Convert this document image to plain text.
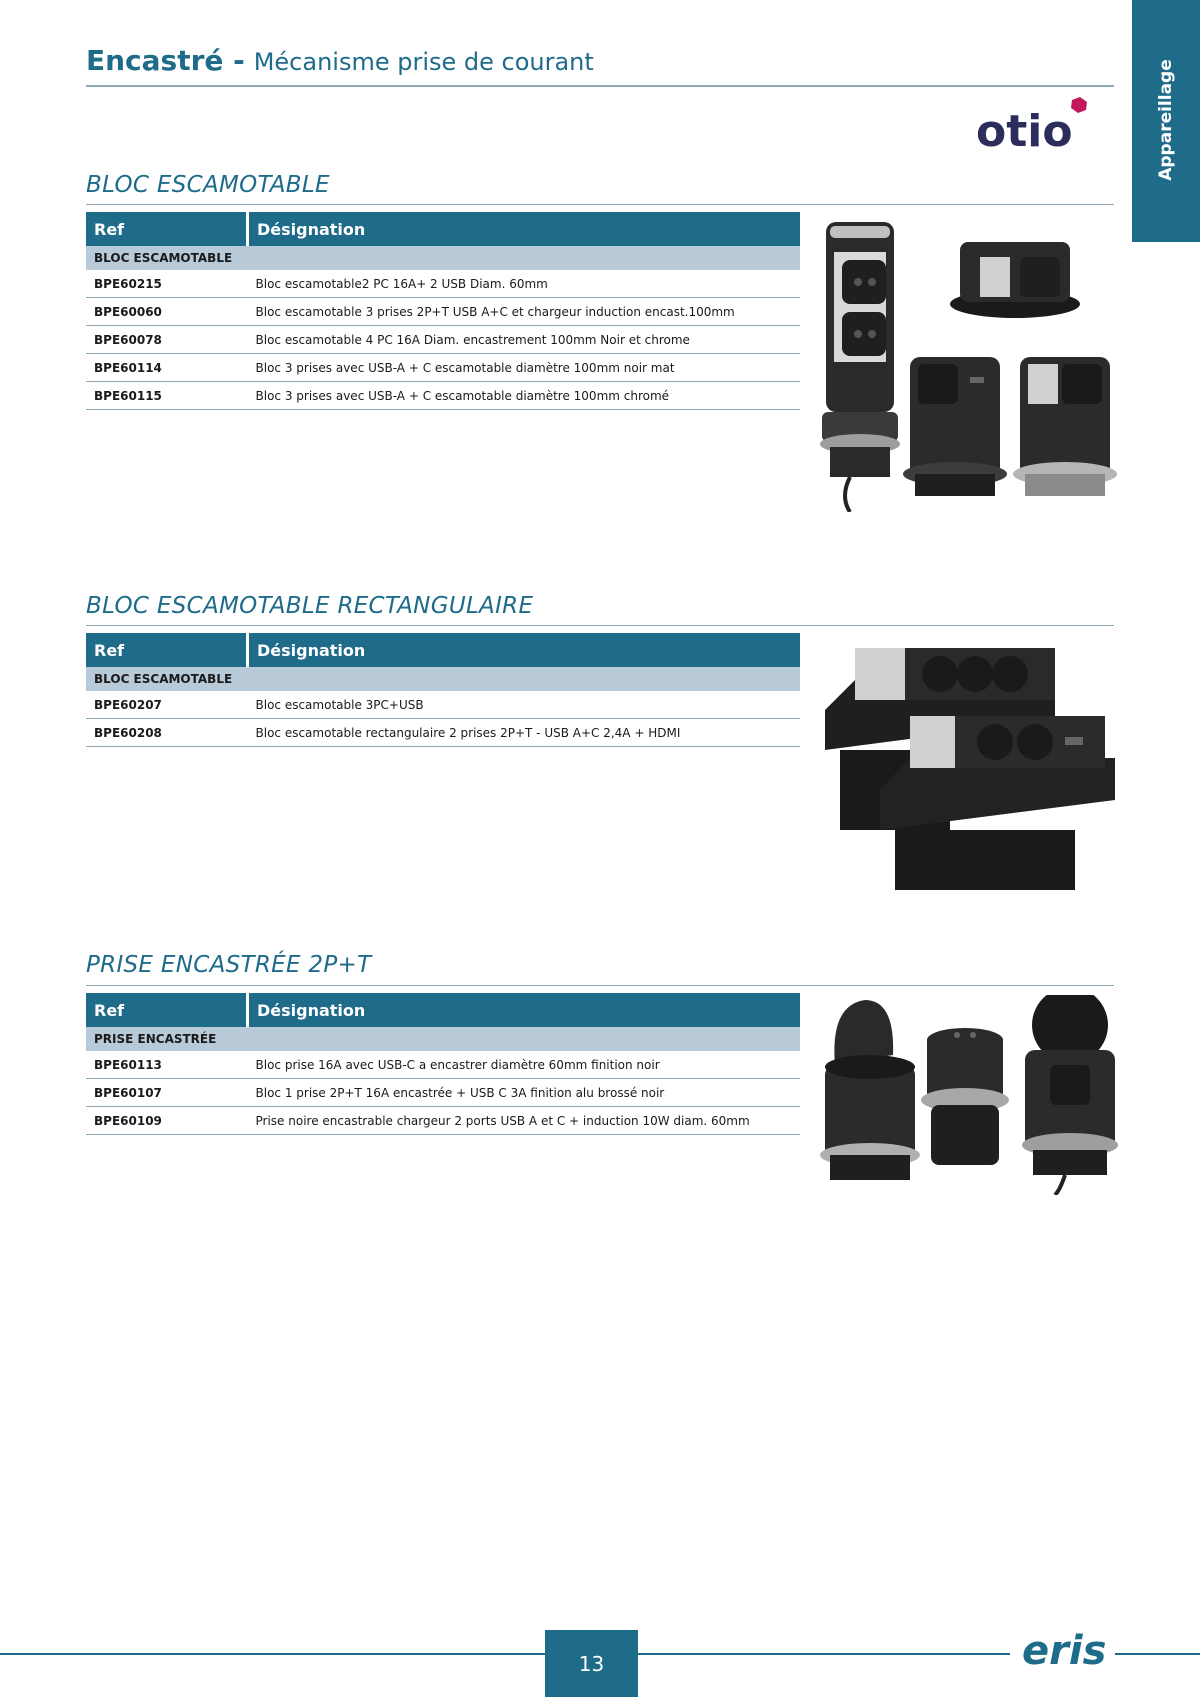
Encastré - Mécanisme prise de courant	Appareillage
otio
BLOC ESCAMOTABLE
Ref	Désignation
BLOC ESCAMOTABLE	
BPE60215	Bloc escamotable2 PC 16A+ 2 USB Diam. 60mm
BPE60060	Bloc escamotable 3 prises 2P+T USB A+C et chargeur induction encast.100mm
BPE60078	Bloc escamotable 4 PC 16A Diam. encastrement 100mm Noir et chrome
BPE60114	Bloc 3 prises avec USB-A + C escamotable diamètre 100mm noir mat
BPE60115	Bloc 3 prises avec USB-A + C escamotable diamètre 100mm chromé
BLOC ESCAMOTABLE RECTANGULAIRE
Ref	Désignation
BLOC ESCAMOTABLE	
BPE60207	Bloc escamotable 3PC+USB
BPE60208	Bloc escamotable rectangulaire 2 prises 2P+T - USB A+C 2,4A + HDMI
PRISE ENCASTRÉE 2P+T
Ref	Désignation
PRISE ENCASTRÉE	
BPE60113	Bloc prise 16A avec USB-C a encastrer diamètre 60mm finition noir
BPE60107	Bloc 1 prise 2P+T 16A encastrée + USB C 3A finition alu brossé noir
BPE60109	Prise noire encastrable chargeur 2 ports USB A et C + induction 10W diam. 60mm
13	eris
